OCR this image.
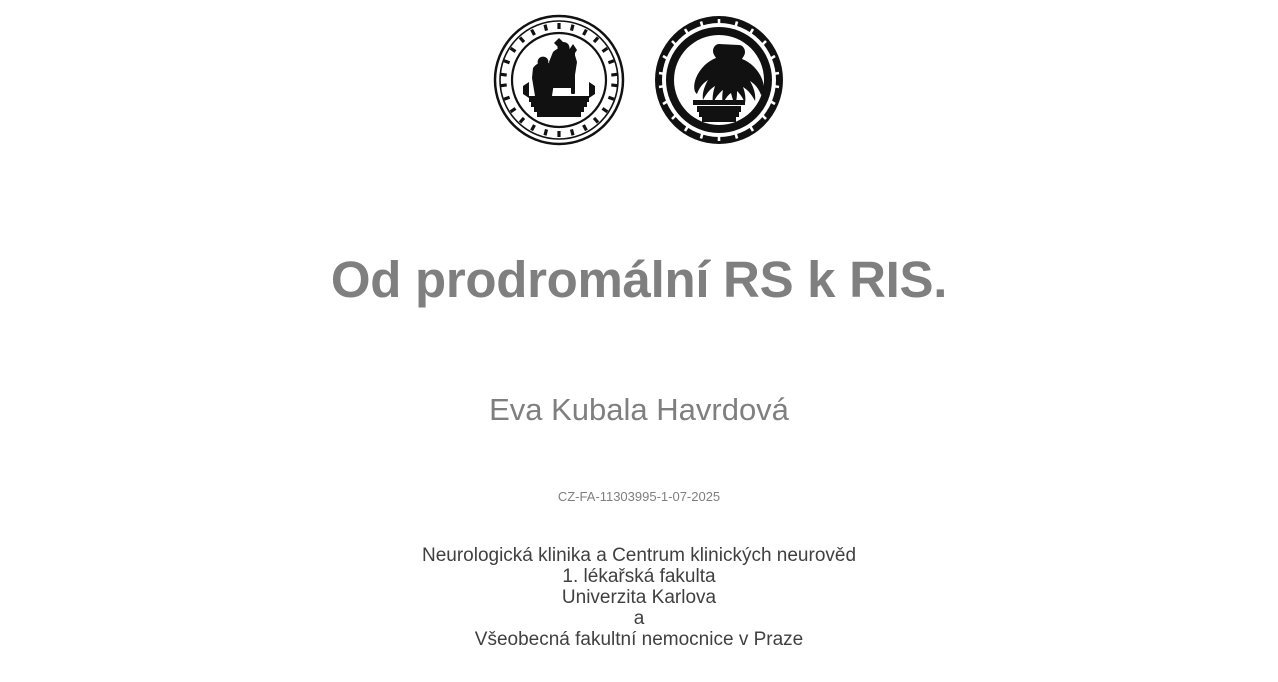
Od prodromální RS k RIS.
Eva Kubala Havrdová
CZ-FA-11303995-1-07-2025
Neurologická klinika a Centrum klinických neurověd
1. lékařská fakulta
Univerzita Karlova
a
Všeobecná fakultní nemocnice v Praze
